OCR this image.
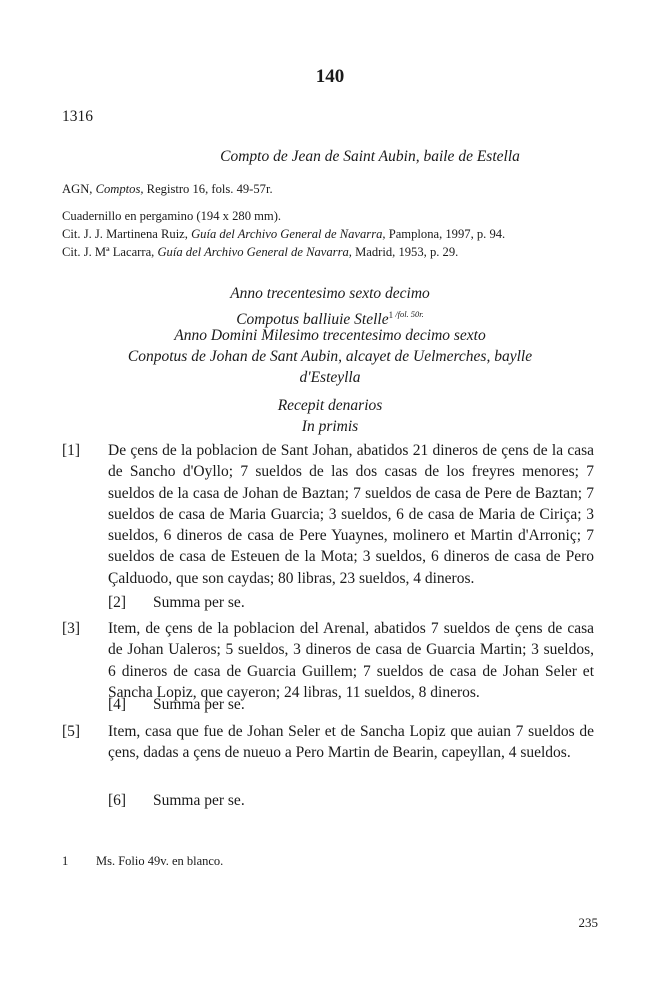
140
1316
Compto de Jean de Saint Aubin, baile de Estella
AGN, Comptos, Registro 16, fols. 49-57r.
Cuadernillo en pergamino (194 x 280 mm).
Cit. J. J. Martinena Ruiz, Guía del Archivo General de Navarra, Pamplona, 1997, p. 94.
Cit. J. Mª Lacarra, Guía del Archivo General de Navarra, Madrid, 1953, p. 29.
Anno trecentesimo sexto decimo
Compotus balliuie Stelle$^1$ $^{/fol. 50r.}$
Anno Domini Milesimo trecentesimo decimo sexto
Conpotus de Johan de Sant Aubin, alcayet de Uelmerches, baylle
d'Esteylla
Recepit denarios
In primis
[1] De çens de la poblacion de Sant Johan, abatidos 21 dineros de çens de la casa de Sancho d'Oyllo; 7 sueldos de las dos casas de los freyres menores; 7 sueldos de la casa de Johan de Baztan; 7 sueldos de casa de Pere de Baztan; 7 sueldos de casa de Maria Guarcia; 3 sueldos, 6 de casa de Maria de Ciriça; 3 sueldos, 6 dineros de casa de Pere Yuaynes, molinero et Martin d'Arroniç; 7 sueldos de casa de Esteuen de la Mota; 3 sueldos, 6 dineros de casa de Pero Çalduodo, que son caydas; 80 libras, 23 sueldos, 4 dineros.
[2] Summa per se.
[3] Item, de çens de la poblacion del Arenal, abatidos 7 sueldos de çens de casa de Johan Ualeros; 5 sueldos, 3 dineros de casa de Guarcia Martin; 3 sueldos, 6 dineros de casa de Guarcia Guillem; 7 sueldos de casa de Johan Seler et Sancha Lopiz, que cayeron; 24 libras, 11 sueldos, 8 dineros.
[4] Summa per se.
[5] Item, casa que fue de Johan Seler et de Sancha Lopiz que auian 7 sueldos de çens, dadas a çens de nueuo a Pero Martin de Bearin, capeyllan, 4 sueldos.
[6] Summa per se.
1 Ms. Folio 49v. en blanco.
235
